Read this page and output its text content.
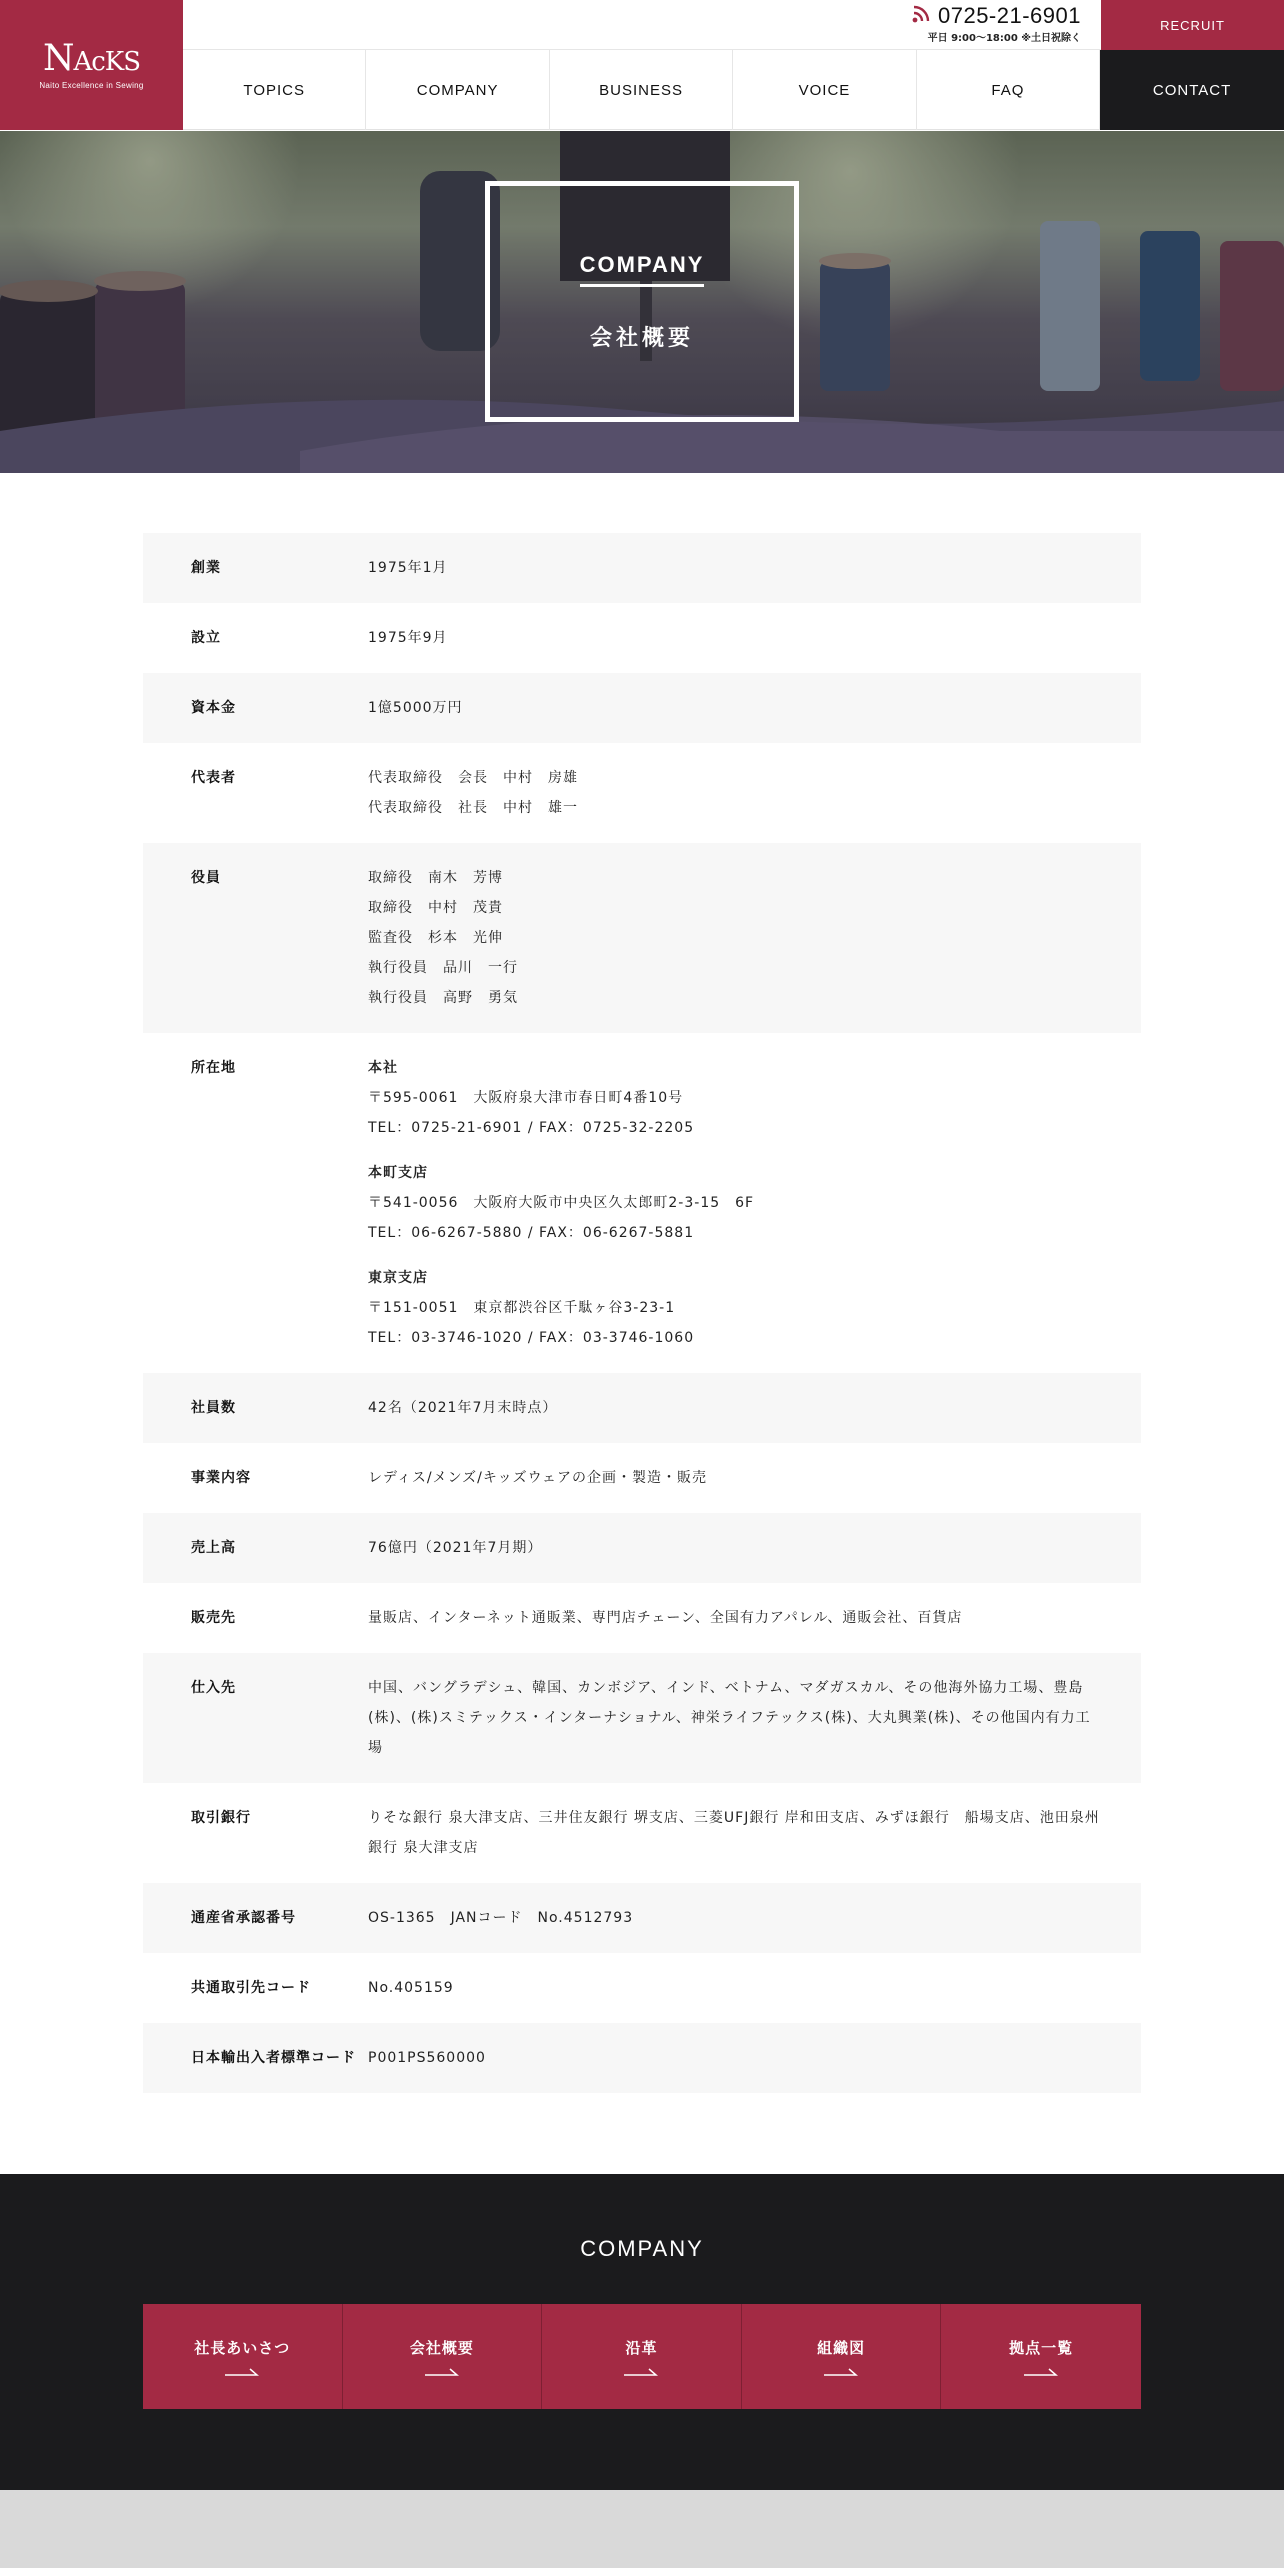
NAcKS
Naito Excellence in Sewing
0725-21-6901
平日 9:00〜18:00 ※土日祝除く
RECRUIT
TOPICS	COMPANY	BUSINESS	VOICE	FAQ	CONTACT
COMPANY
会社概要
創業	1975年1月
設立	1975年9月
資本金	1億5000万円
代表者	代表取締役　会長　中村　房雄
代表取締役　社長　中村　雄一
役員	取締役　南木　芳博
取締役　中村　茂貴
監査役　杉本　光伸
執行役員　品川　一行
執行役員　高野　勇気
所在地	本社
〒595-0061　大阪府泉大津市春日町4番10号
TEL：0725-21-6901 / FAX：0725-32-2205
本町支店
〒541-0056　大阪府大阪市中央区久太郎町2-3-15　6F
TEL：06-6267-5880 / FAX：06-6267-5881
東京支店
〒151-0051　東京都渋谷区千駄ヶ谷3-23-1
TEL：03-3746-1020 / FAX：03-3746-1060
社員数	42名（2021年7月末時点）
事業内容	レディス/メンズ/キッズウェアの企画・製造・販売
売上高	76億円（2021年7月期）
販売先	量販店、インターネット通販業、専門店チェーン、全国有力アパレル、通販会社、百貨店
仕入先	中国、バングラデシュ、韓国、カンボジア、インド、ベトナム、マダガスカル、その他海外協力工場、豊島(株)、(株)スミテックス・インターナショナル、神栄ライフテックス(株)、大丸興業(株)、その他国内有力工場
取引銀行	りそな銀行 泉大津支店、三井住友銀行 堺支店、三菱UFJ銀行 岸和田支店、みずほ銀行　船場支店、池田泉州銀行 泉大津支店
通産省承認番号	OS-1365　JANコード　No.4512793
共通取引先コード	No.405159
日本輸出入者標準コード P001PS560000
COMPANY
社長あいさつ	会社概要	沿革	組織図	拠点一覧
